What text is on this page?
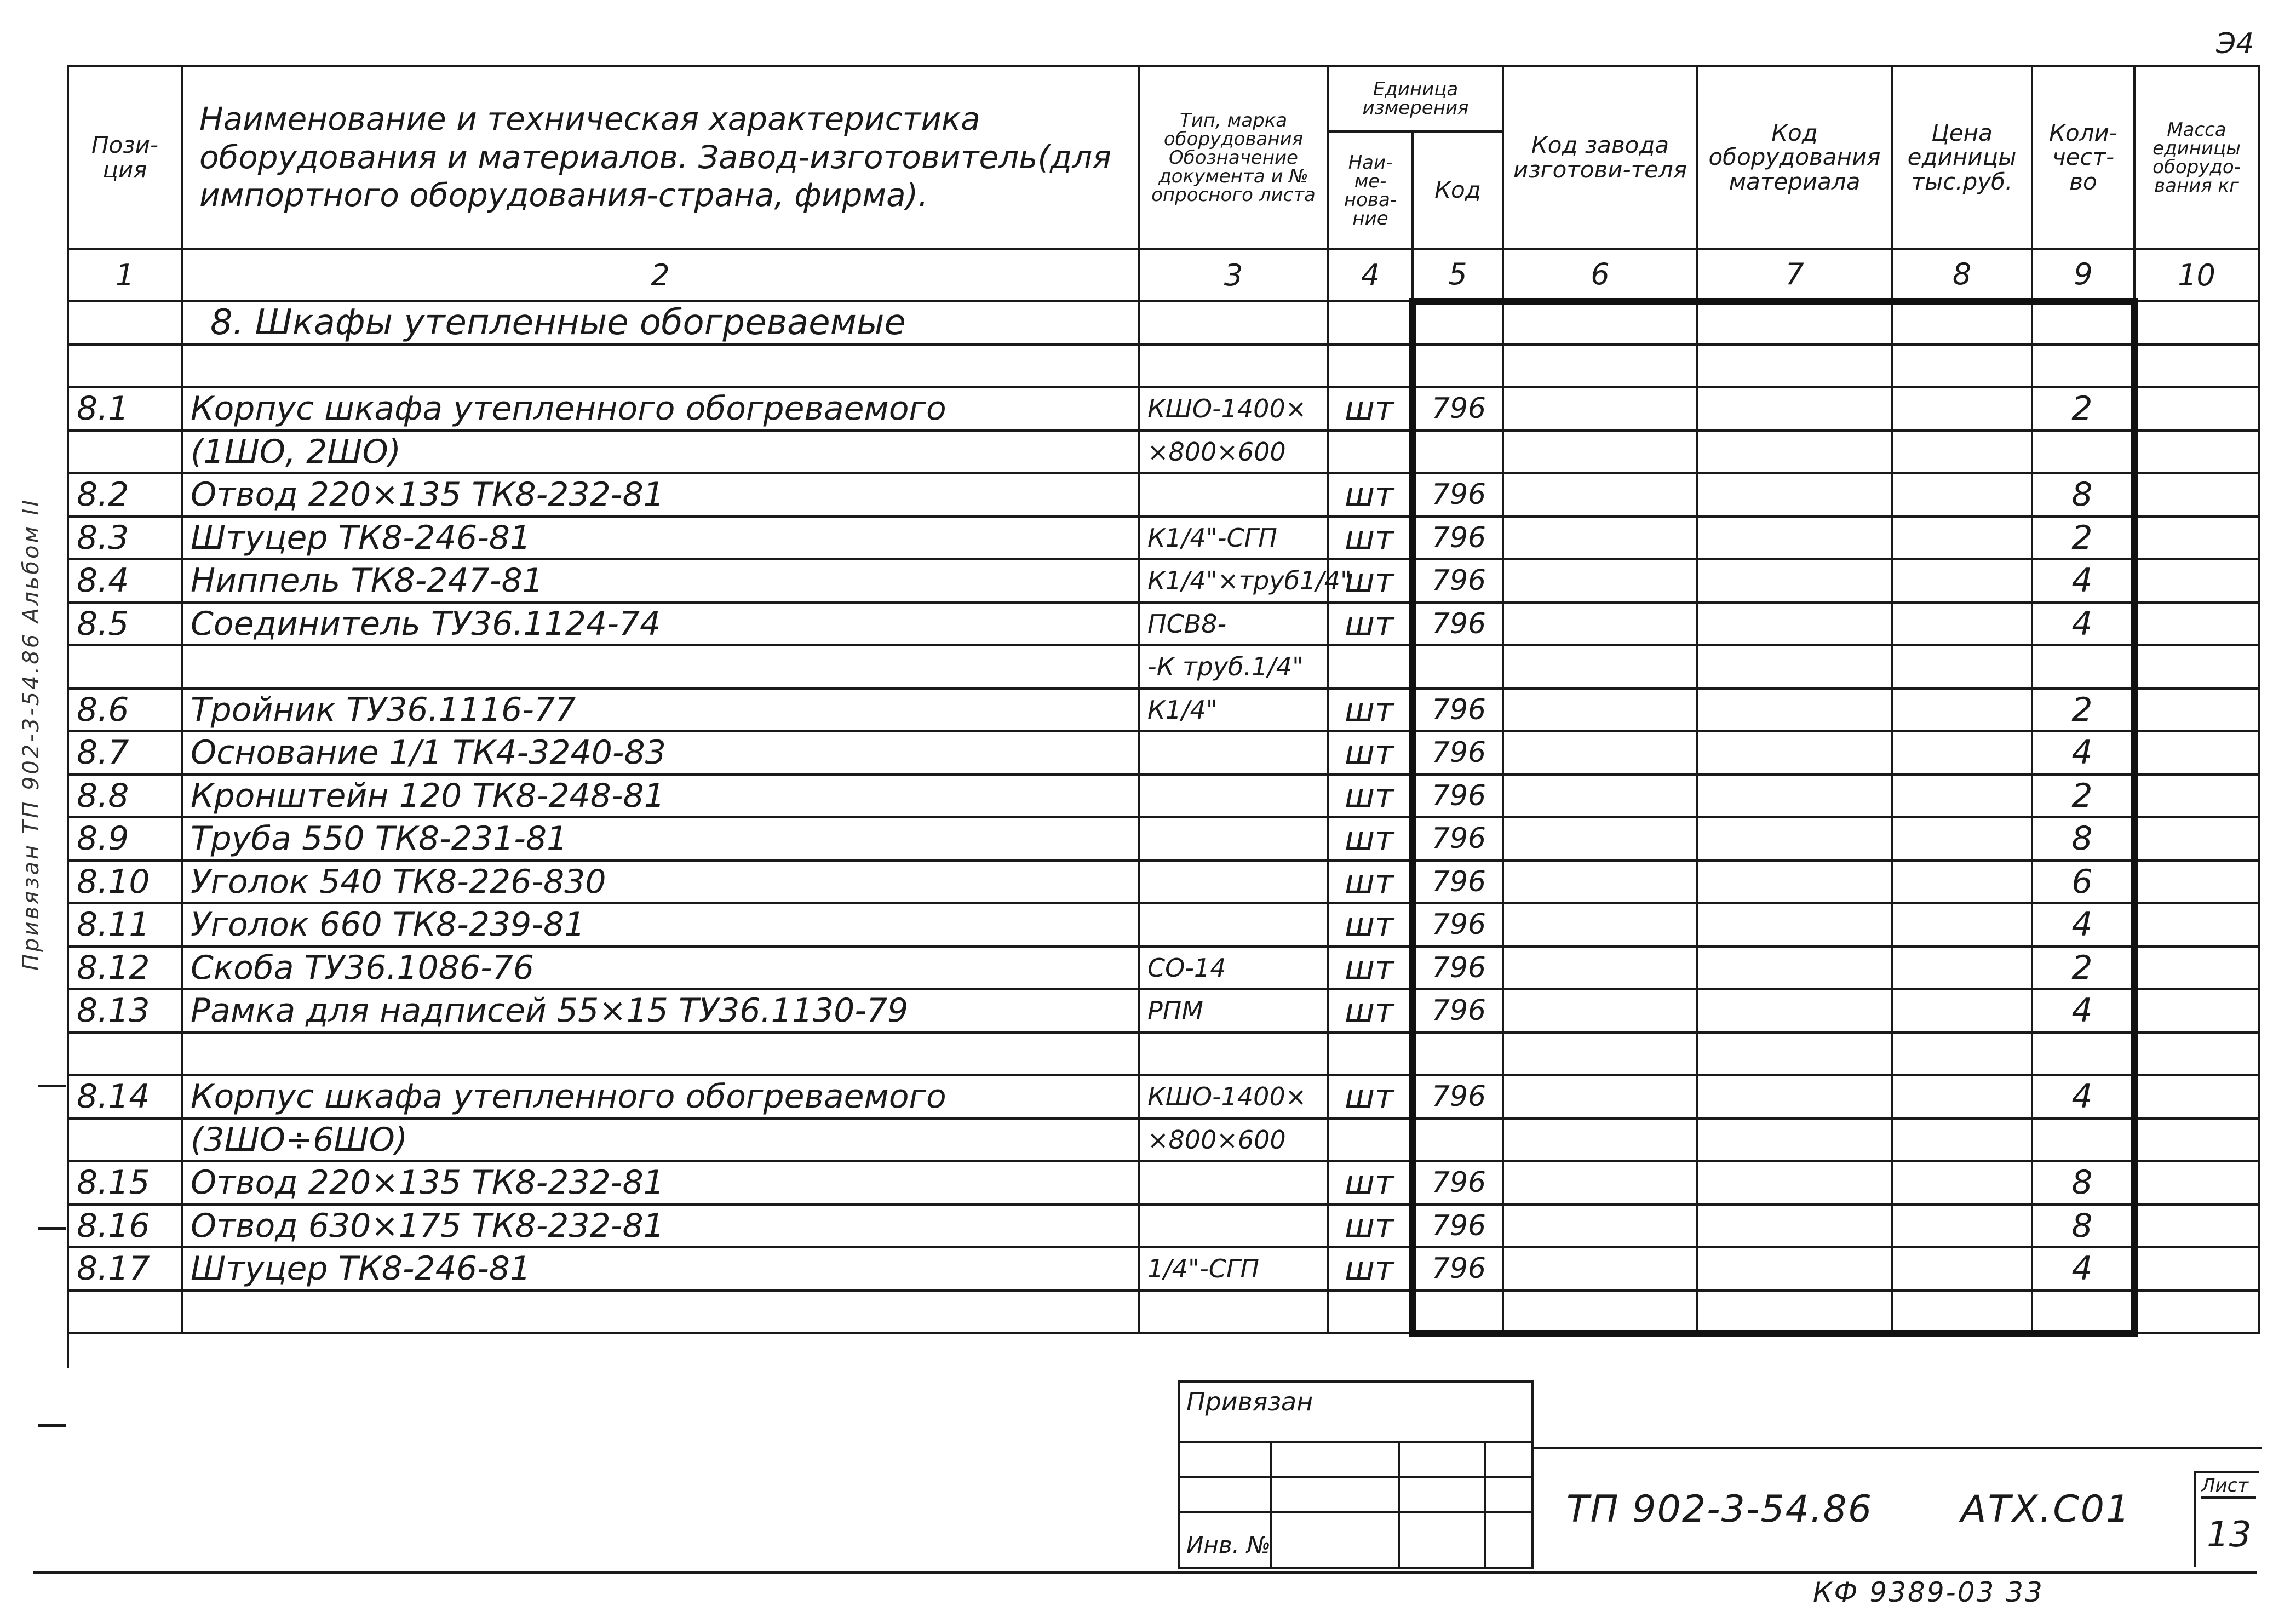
Э4
Привязан ТП 902-3-54.86 Альбом II
Пози-ция	Наименование и техническая характеристика оборудования и материалов. Завод-изготовитель(для импортного оборудования-страна, фирма).	Тип, марка оборудования Обозначение документа и № опросного листа	Единица измерения		Код завода изготови-теля	Код оборудования материала	Цена единицы тыс.руб.	Коли-чест-во	Масса единицы оборудо-вания кг
			Наи-ме-нова-ние	Код					
1	2	3	4	5	6	7	8	9	10
	8. Шкафы утепленные обогреваемые								

8.1	Корпус шкафа утепленного обогреваемого	КШО-1400×	шт	796				2	
	(1ШО, 2ШО)	×800×600							
8.2	Отвод 220×135 ТК8-232-81		шт	796				8	
8.3	Штуцер ТК8-246-81	К1/4"-СГП	шт	796				2	
8.4	Ниппель ТК8-247-81	К1/4"×труб1/4"	шт	796				4	
8.5	Соединитель ТУ36.1124-74	ПСВ8-	шт	796				4	
		-К труб.1/4"							
8.6	Тройник ТУ36.1116-77	К1/4"	шт	796				2	
8.7	Основание 1/1 ТК4-3240-83		шт	796				4	
8.8	Кронштейн 120 ТК8-248-81		шт	796				2	
8.9	Труба 550 ТК8-231-81		шт	796				8	
8.10	Уголок 540 ТК8-226-830		шт	796				6	
8.11	Уголок 660 ТК8-239-81		шт	796				4	
8.12	Скоба ТУ36.1086-76	СО-14	шт	796				2	
8.13	Рамка для надписей 55×15 ТУ36.1130-79	РПМ	шт	796				4	

8.14	Корпус шкафа утепленного обогреваемого	КШО-1400×	шт	796				4	
	(3ШО÷6ШО)	×800×600							
8.15	Отвод 220×135 ТК8-232-81		шт	796				8	
8.16	Отвод 630×175 ТК8-232-81		шт	796				8	
8.17	Штуцер ТК8-246-81	1/4"-СГП	шт	796				4	

Привязан
Инв. №
ТП 902-3-54.86 АТХ.С01
Лист
13
КФ 9389-03 33
